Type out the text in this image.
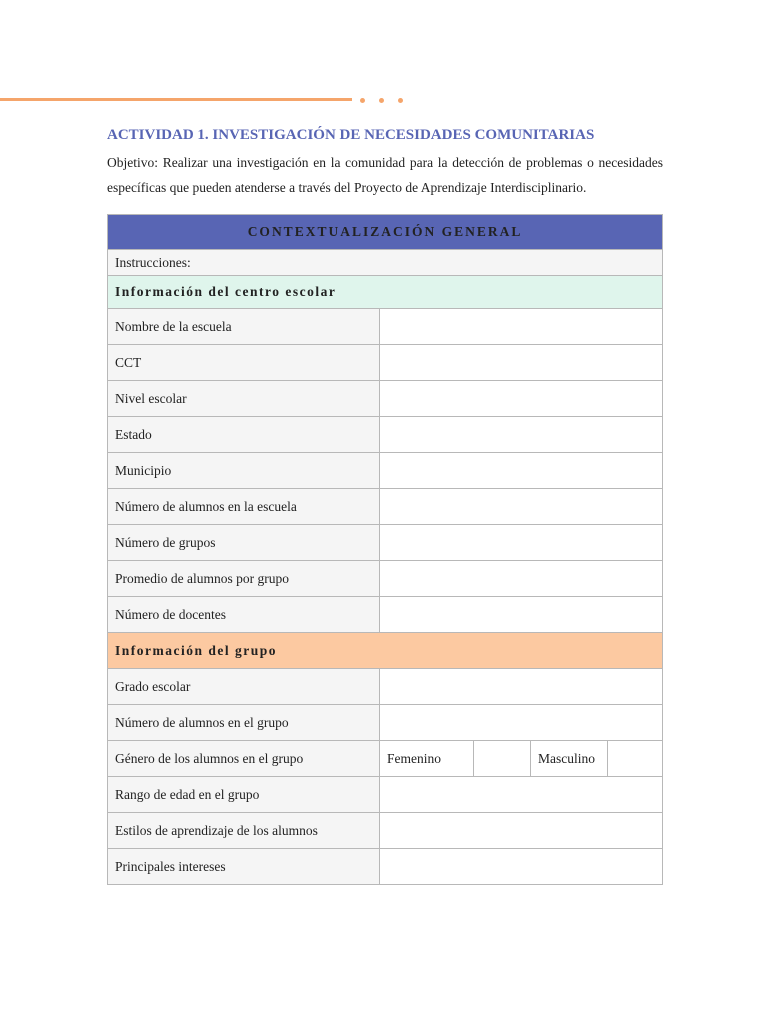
ACTIVIDAD 1. INVESTIGACIÓN DE NECESIDADES COMUNITARIAS
Objetivo: Realizar una investigación en la comunidad para la detección de problemas o necesidades específicas que pueden atenderse a través del Proyecto de Aprendizaje Interdisciplinario.
CONTEXTUALIZACIÓN GENERAL				
Instrucciones:				
Información del centro escolar				
Nombre de la escuela				
CCT				
Nivel escolar				
Estado				
Municipio				
Número de alumnos en la escuela				
Número de grupos				
Promedio de alumnos por grupo				
Número de docentes				
Información del grupo				
Grado escolar				
Número de alumnos en el grupo				
Género de los alumnos en el grupo	Femenino		Masculino	
Rango de edad en el grupo				
Estilos de aprendizaje de los alumnos				
Principales intereses				
